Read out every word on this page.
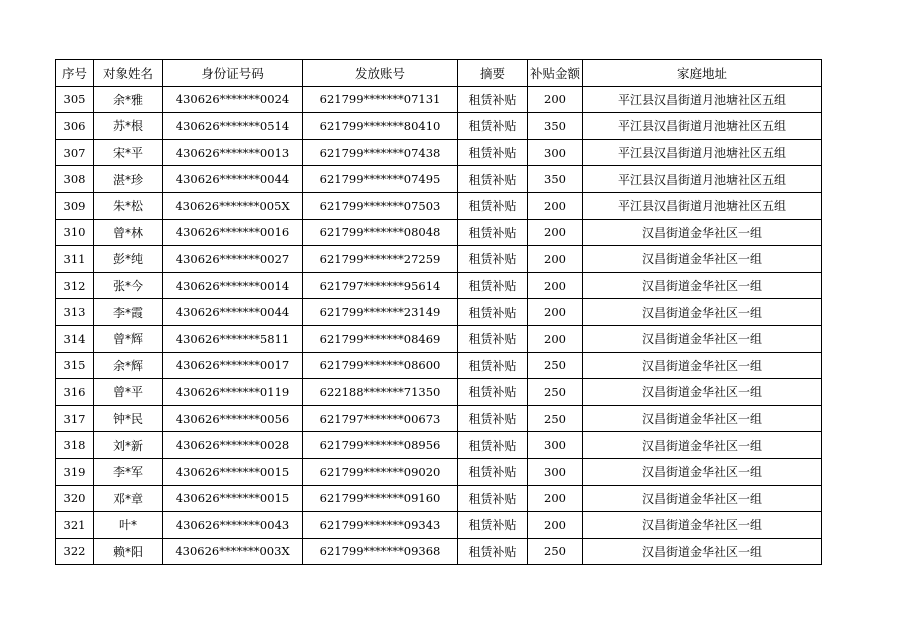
序号	对象姓名	身份证号码	发放账号	摘要	补贴金额	家庭地址
305	余*雅	430626*******0024	621799*******07131	租赁补贴	200	平江县汉昌街道月池塘社区五组
306	苏*根	430626*******0514	621799*******80410	租赁补贴	350	平江县汉昌街道月池塘社区五组
307	宋*平	430626*******0013	621799*******07438	租赁补贴	300	平江县汉昌街道月池塘社区五组
308	湛*珍	430626*******0044	621799*******07495	租赁补贴	350	平江县汉昌街道月池塘社区五组
309	朱*松	430626*******005X	621799*******07503	租赁补贴	200	平江县汉昌街道月池塘社区五组
310	曾*林	430626*******0016	621799*******08048	租赁补贴	200	汉昌街道金华社区一组
311	彭*纯	430626*******0027	621799*******27259	租赁补贴	200	汉昌街道金华社区一组
312	张*今	430626*******0014	621797*******95614	租赁补贴	200	汉昌街道金华社区一组
313	李*霞	430626*******0044	621799*******23149	租赁补贴	200	汉昌街道金华社区一组
314	曾*辉	430626*******5811	621799*******08469	租赁补贴	200	汉昌街道金华社区一组
315	余*辉	430626*******0017	621799*******08600	租赁补贴	250	汉昌街道金华社区一组
316	曾*平	430626*******0119	622188*******71350	租赁补贴	250	汉昌街道金华社区一组
317	钟*民	430626*******0056	621797*******00673	租赁补贴	250	汉昌街道金华社区一组
318	刘*新	430626*******0028	621799*******08956	租赁补贴	300	汉昌街道金华社区一组
319	李*军	430626*******0015	621799*******09020	租赁补贴	300	汉昌街道金华社区一组
320	邓*章	430626*******0015	621799*******09160	租赁补贴	200	汉昌街道金华社区一组
321	叶*	430626*******0043	621799*******09343	租赁补贴	200	汉昌街道金华社区一组
322	赖*阳	430626*******003X	621799*******09368	租赁补贴	250	汉昌街道金华社区一组
